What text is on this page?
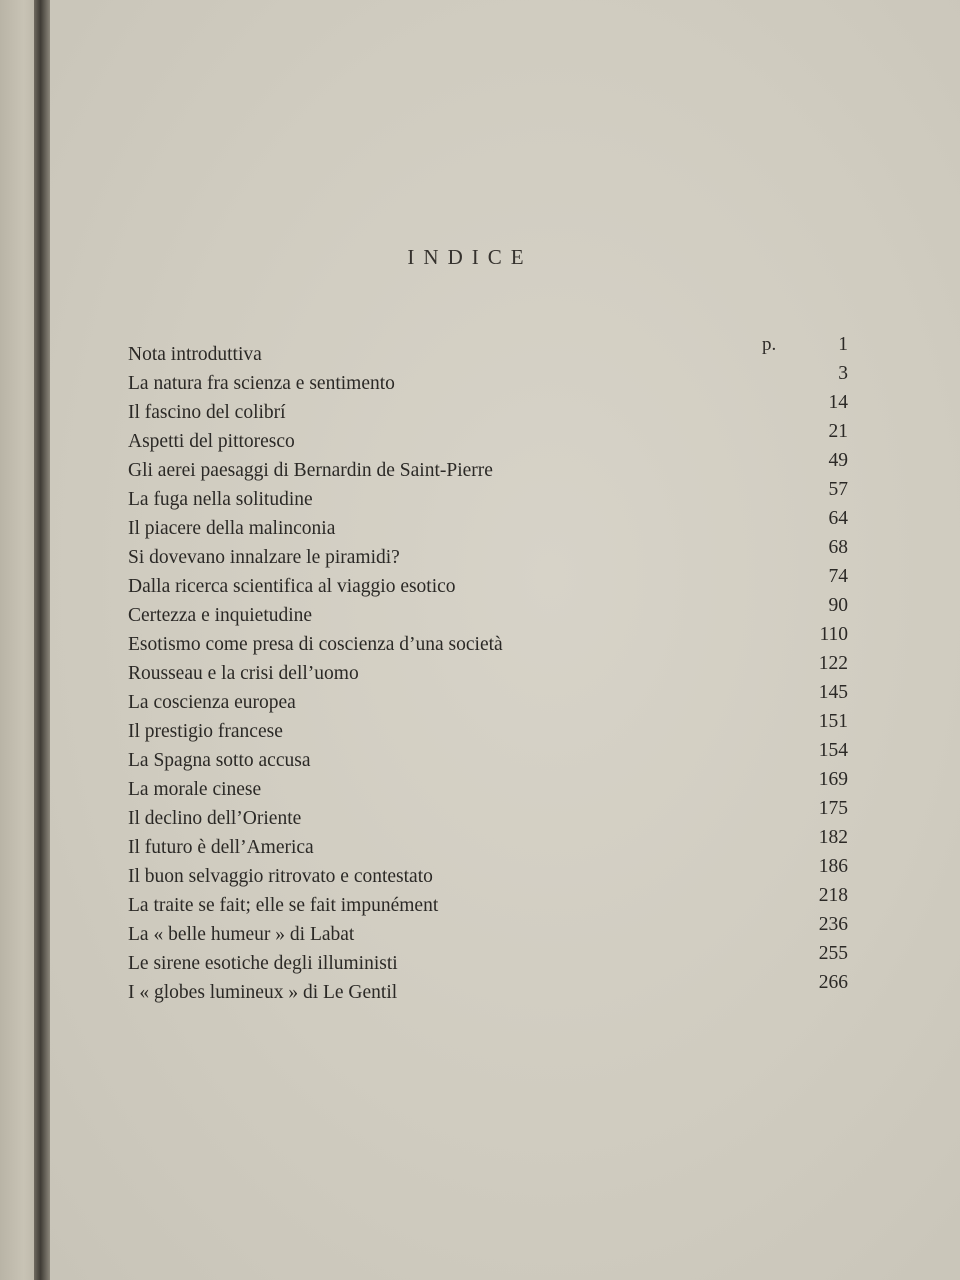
INDICE
p.
Nota introduttiva	1
La natura fra scienza e sentimento	3
Il fascino del colibrí	14
Aspetti del pittoresco	21
Gli aerei paesaggi di Bernardin de Saint-Pierre	49
La fuga nella solitudine	57
Il piacere della malinconia	64
Si dovevano innalzare le piramidi?	68
Dalla ricerca scientifica al viaggio esotico	74
Certezza e inquietudine	90
Esotismo come presa di coscienza d’una società	110
Rousseau e la crisi dell’uomo	122
La coscienza europea	145
Il prestigio francese	151
La Spagna sotto accusa	154
La morale cinese	169
Il declino dell’Oriente	175
Il futuro è dell’America	182
Il buon selvaggio ritrovato e contestato	186
La traite se fait; elle se fait impunément	218
La « belle humeur » di Labat	236
Le sirene esotiche degli illuministi	255
I « globes lumineux » di Le Gentil	266
